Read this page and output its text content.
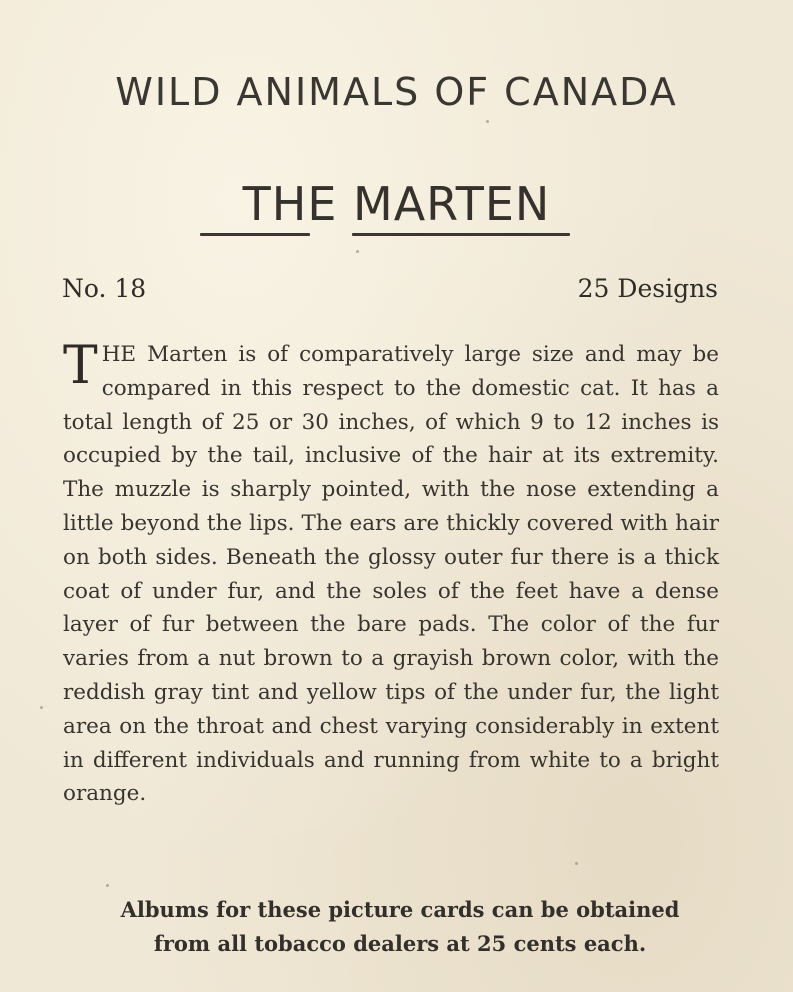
WILD ANIMALS OF CANADA
THE MARTEN
No. 18	25 Designs

THE Marten is of comparatively large size and may be compared in this respect to the domestic cat. It has a total length of 25 or 30 inches, of which 9 to 12 inches is occupied by the tail, inclusive of the hair at its extremity. The muzzle is sharply pointed, with the nose extending a little beyond the lips. The ears are thickly covered with hair on both sides. Beneath the glossy outer fur there is a thick coat of under fur, and the soles of the feet have a dense layer of fur between the bare pads. The color of the fur varies from a nut brown to a grayish brown color, with the reddish gray tint and yellow tips of the under fur, the light area on the throat and chest varying considerably in extent in different individuals and running from white to a bright orange.

Albums for these picture cards can be obtained
from all tobacco dealers at 25 cents each.
